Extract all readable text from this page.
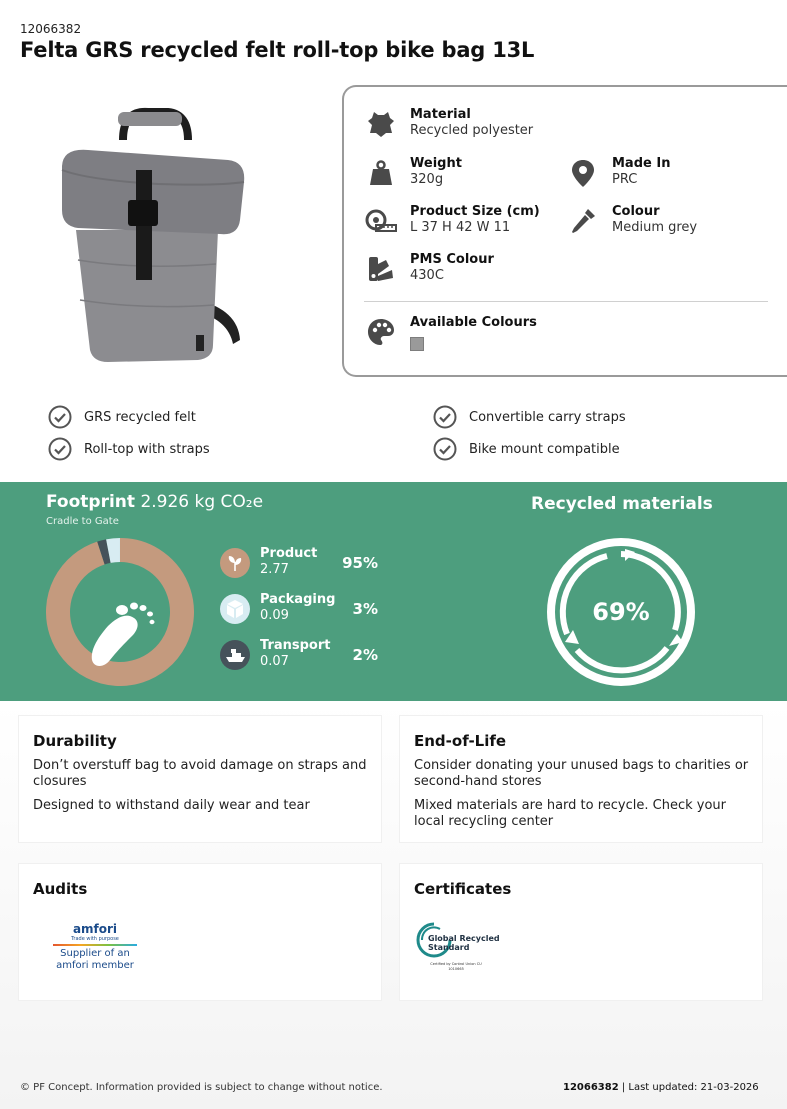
12066382
Felta GRS recycled felt roll-top bike bag 13L
Material
Recycled polyester
Weight
320g
Made In
PRC
Product Size (cm)
L 37 H 42 W 11
Colour
Medium grey
PMS Colour
430C
Available Colours
GRS recycled felt	Convertible carry straps
Roll-top with straps	Bike mount compatible
Footprint 2.926 kg CO₂e
Cradle to Gate
Product
2.77	95%
Packaging
0.09	3%
Transport
0.07	2%
Recycled materials
69%
Durability
Don’t overstuff bag to avoid damage on straps and closures
Designed to withstand daily wear and tear
End-of-Life
Consider donating your unused bags to charities or second-hand stores
Mixed materials are hard to recycle. Check your local recycling center
Audits
amfori
Trade with purpose
Supplier of an amfori member
Certificates
Global Recycled Standard
Certified by Control Union CU 1010665
© PF Concept. Information provided is subject to change without notice.	12066382 | Last updated: 21-03-2026
